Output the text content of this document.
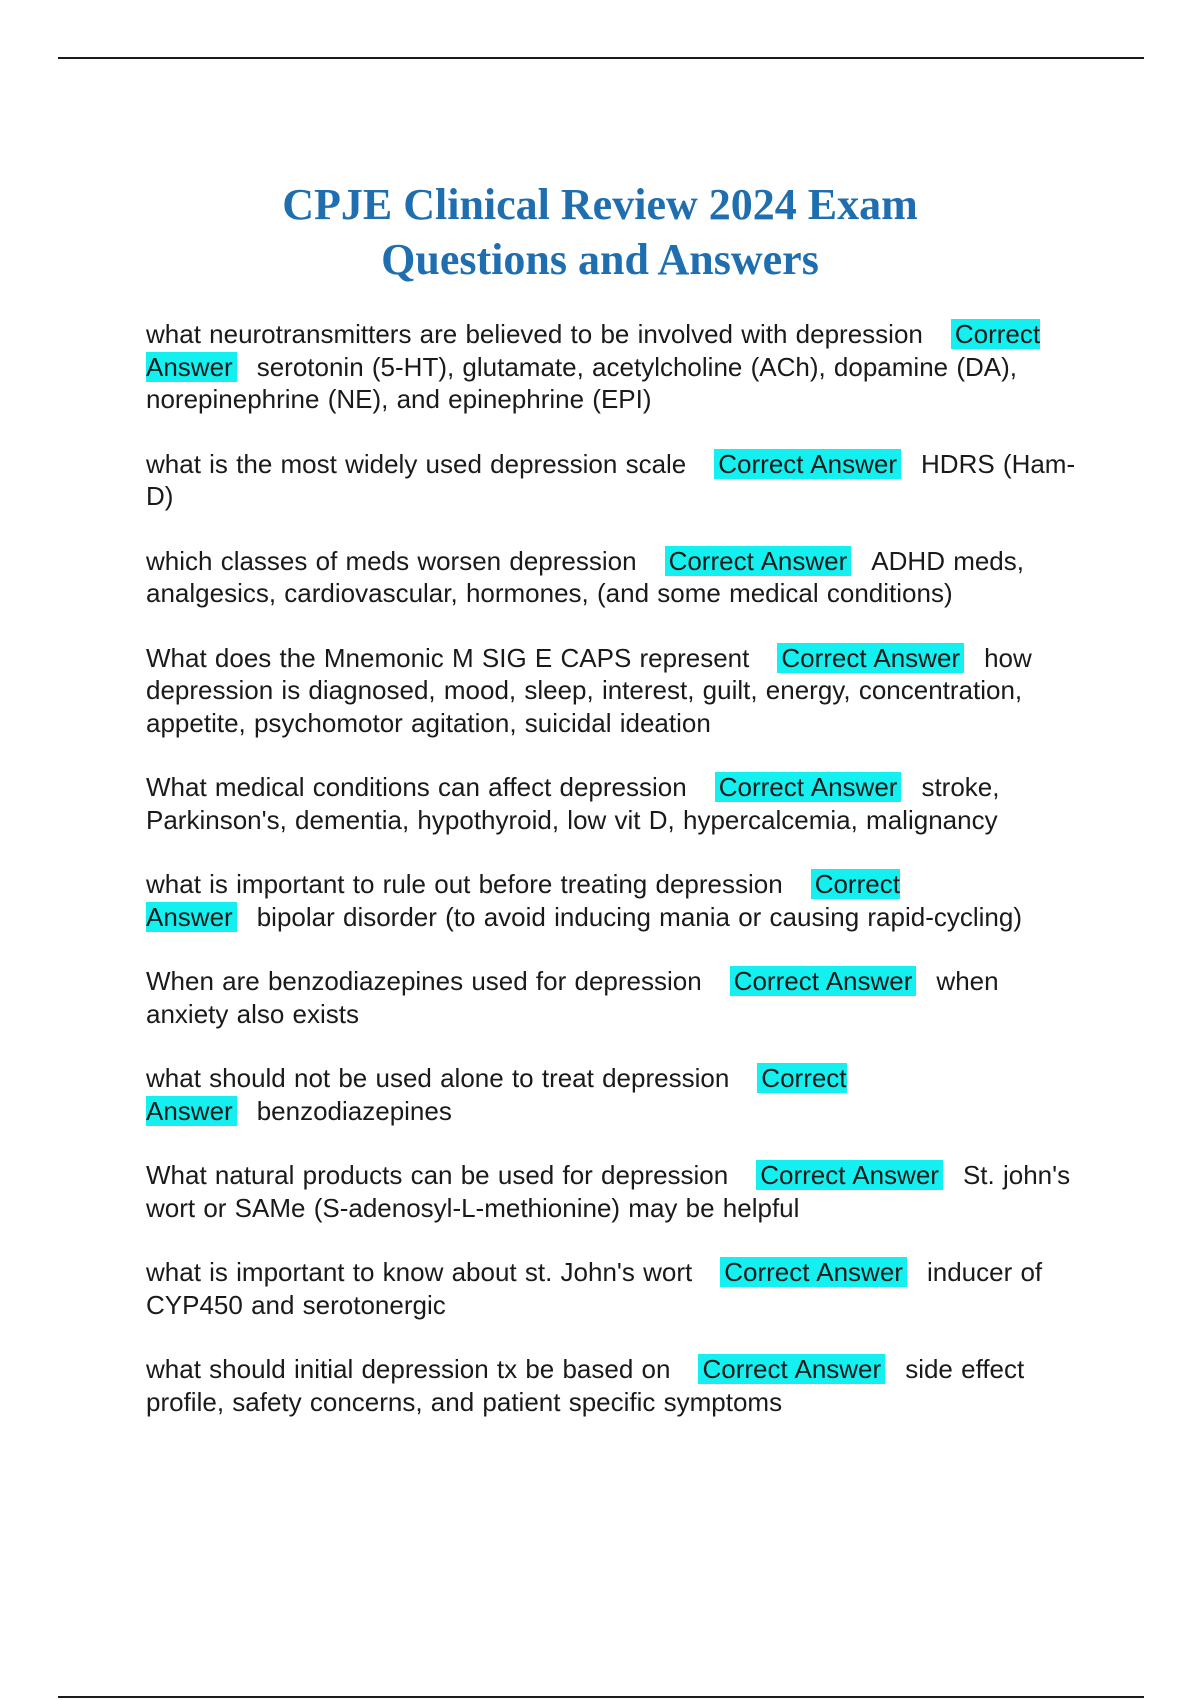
CPJE Clinical Review 2024 Exam
Questions and Answers

what neurotransmitters are believed to be involved with depression Correct Answer serotonin (5-HT), glutamate, acetylcholine (ACh), dopamine (DA), norepinephrine (NE), and epinephrine (EPI)

what is the most widely used depression scale Correct Answer HDRS (Ham-D)

which classes of meds worsen depression Correct Answer ADHD meds, analgesics, cardiovascular, hormones, (and some medical conditions)

What does the Mnemonic M SIG E CAPS represent Correct Answer how depression is diagnosed, mood, sleep, interest, guilt, energy, concentration, appetite, psychomotor agitation, suicidal ideation

What medical conditions can affect depression Correct Answer stroke, Parkinson's, dementia, hypothyroid, low vit D, hypercalcemia, malignancy

what is important to rule out before treating depression Correct Answer bipolar disorder (to avoid inducing mania or causing rapid-cycling)

When are benzodiazepines used for depression Correct Answer when anxiety also exists

what should not be used alone to treat depression Correct Answer benzodiazepines

What natural products can be used for depression Correct Answer St. john's wort or SAMe (S-adenosyl-L-methionine) may be helpful

what is important to know about st. John's wort Correct Answer inducer of CYP450 and serotonergic

what should initial depression tx be based on Correct Answer side effect profile, safety concerns, and patient specific symptoms
